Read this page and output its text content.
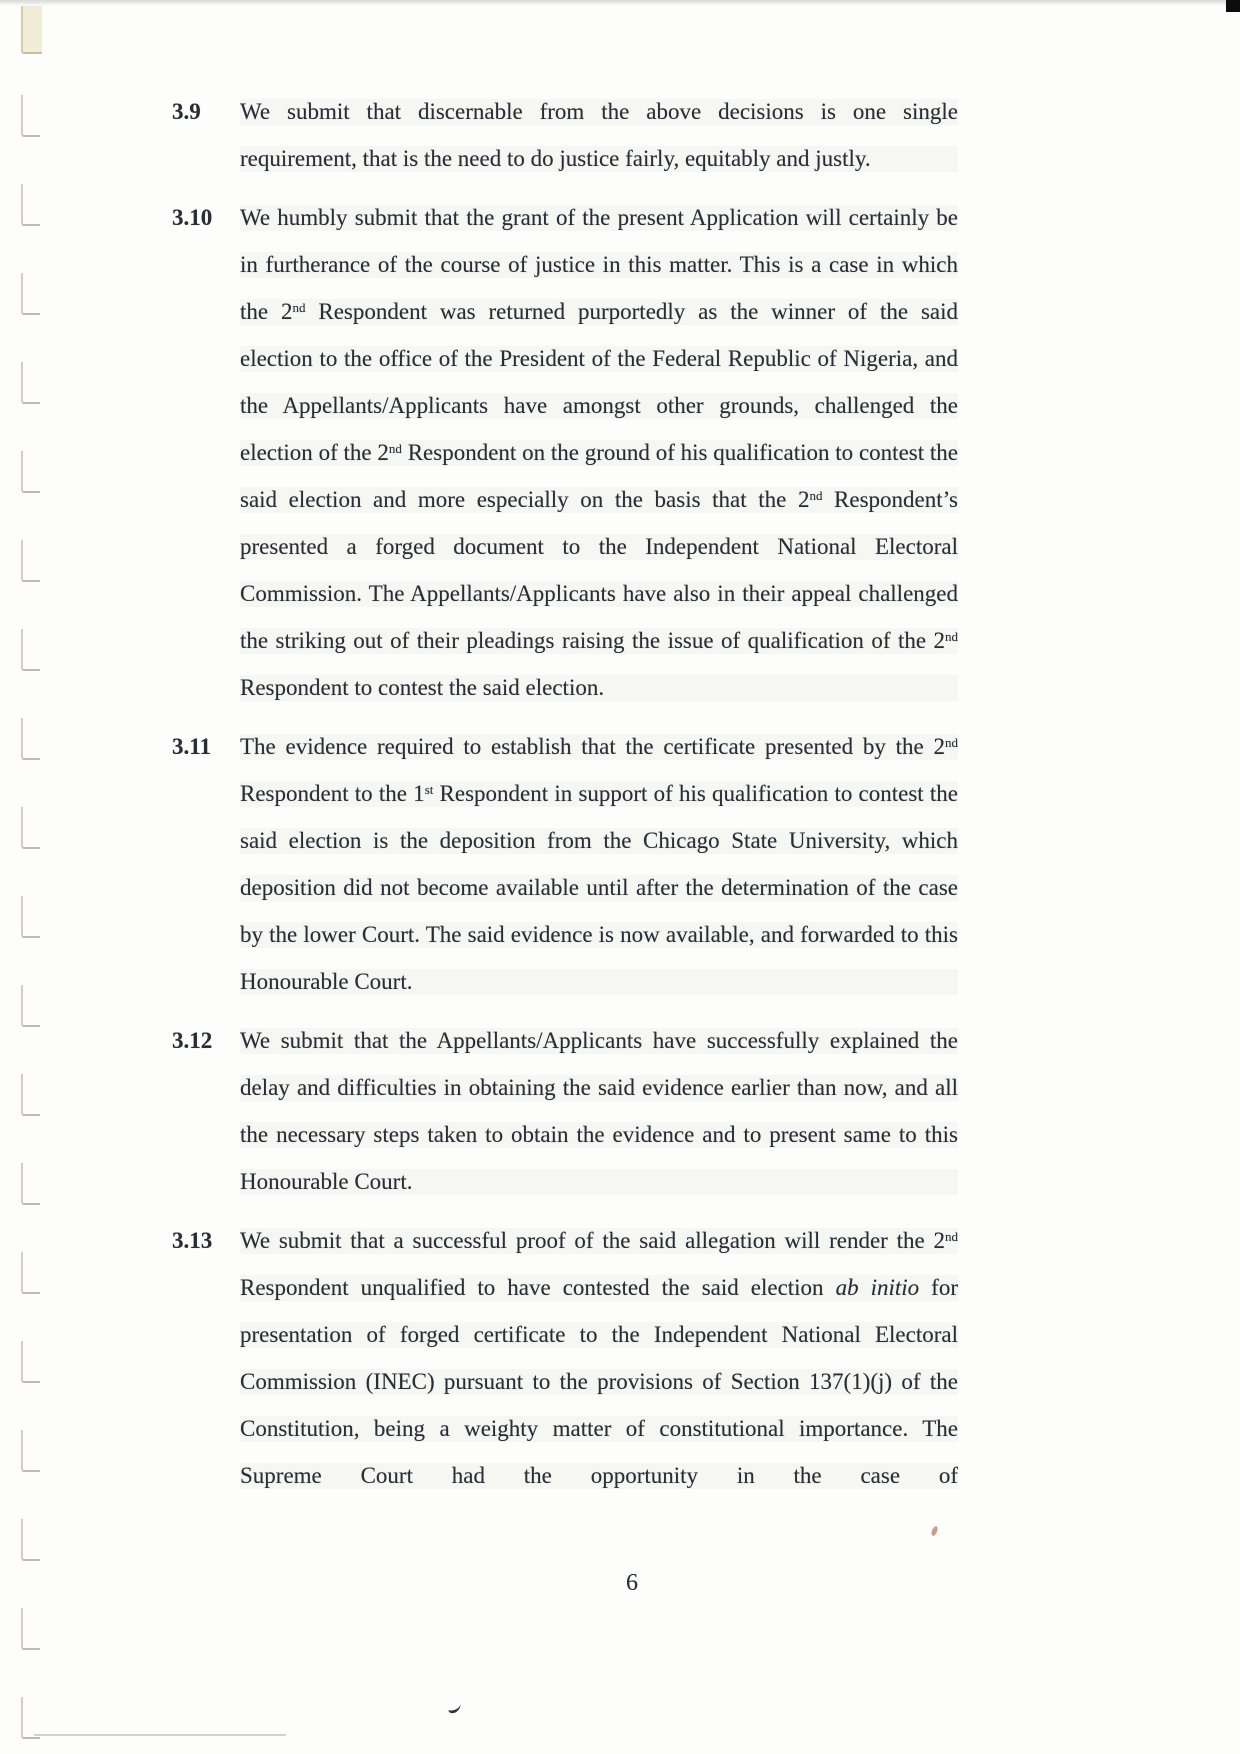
3.9	We submit that discernable from the above decisions is one single requirement, that is the need to do justice fairly, equitably and justly.
3.10	We humbly submit that the grant of the present Application will certainly be in furtherance of the course of justice in this matter. This is a case in which the 2nd Respondent was returned purportedly as the winner of the said election to the office of the President of the Federal Republic of Nigeria, and the Appellants/Applicants have amongst other grounds, challenged the election of the 2nd Respondent on the ground of his qualification to contest the said election and more especially on the basis that the 2nd Respondent’s presented a forged document to the Independent National Electoral Commission. The Appellants/Applicants have also in their appeal challenged the striking out of their pleadings raising the issue of qualification of the 2nd Respondent to contest the said election.
3.11	The evidence required to establish that the certificate presented by the 2nd Respondent to the 1st Respondent in support of his qualification to contest the said election is the deposition from the Chicago State University, which deposition did not become available until after the determination of the case by the lower Court. The said evidence is now available, and forwarded to this Honourable Court.
3.12	We submit that the Appellants/Applicants have successfully explained the delay and difficulties in obtaining the said evidence earlier than now, and all the necessary steps taken to obtain the evidence and to present same to this Honourable Court.
3.13	We submit that a successful proof of the said allegation will render the 2nd Respondent unqualified to have contested the said election ab initio for presentation of forged certificate to the Independent National Electoral Commission (INEC) pursuant to the provisions of Section 137(1)(j) of the Constitution, being a weighty matter of constitutional importance. The Supreme Court had the opportunity in the case of
6
